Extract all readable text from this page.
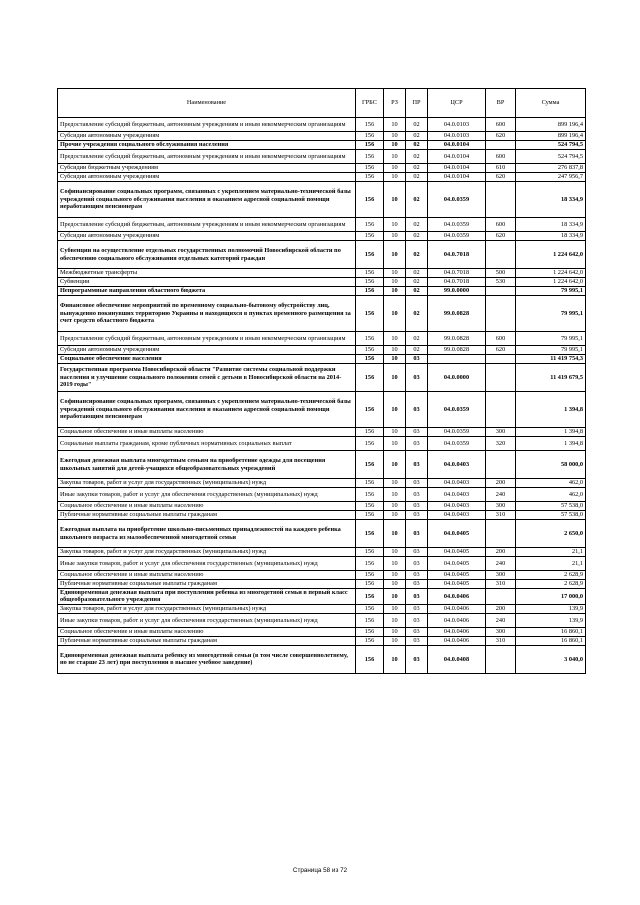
Наименование	ГРБС	РЗ	ПР	ЦСР	ВР	Сумма
Предоставление субсидий бюджетным, автономным учреждениям и иным некоммерческим организациям	156	10	02	04.0.0103	600	899 196,4
Субсидии автономным учреждениям	156	10	02	04.0.0103	620	899 196,4
Прочие учреждения социального обслуживания населения	156	10	02	04.0.0104		524 794,5
Предоставление субсидий бюджетным, автономным учреждениям и иным некоммерческим организациям	156	10	02	04.0.0104	600	524 794,5
Субсидии бюджетным учреждениям	156	10	02	04.0.0104	610	276 837,8
Субсидии автономным учреждениям	156	10	02	04.0.0104	620	247 956,7
Софинансирование социальных программ, связанных с укреплением материально-технической базы учреждений социального обслуживания населения и оказанием адресной социальной помощи неработающим пенсионерам	156	10	02	04.0.0359		18 334,9
Предоставление субсидий бюджетным, автономным учреждениям и иным некоммерческим организациям	156	10	02	04.0.0359	600	18 334,9
Субсидии автономным учреждениям	156	10	02	04.0.0359	620	18 334,9
Субвенции на осуществление отдельных государственных полномочий Новосибирской области по обеспечению социального обслуживания отдельных категорий граждан	156	10	02	04.0.7018		1 224 642,0
Межбюджетные трансферты	156	10	02	04.0.7018	500	1 224 642,0
Субвенции	156	10	02	04.0.7018	530	1 224 642,0
Непрограммные направления областного бюджета	156	10	02	99.0.0000		79 995,1
Финансовое обеспечение мероприятий по временному социально-бытовому обустройству лиц, вынужденно покинувших территорию Украины и находящихся в пунктах временного размещения за счет средств областного бюджета	156	10	02	99.0.0828		79 995,1
Предоставление субсидий бюджетным, автономным учреждениям и иным некоммерческим организациям	156	10	02	99.0.0828	600	79 995,1
Субсидии автономным учреждениям	156	10	02	99.0.0828	620	79 995,1
Социальное обеспечение населения	156	10	03			11 419 754,3
Государственная программа Новосибирской области "Развитие системы социальной поддержки населения и улучшение социального положения семей с детьми в Новосибирской области на 2014-2019 годы"	156	10	03	04.0.0000		11 419 679,5
Софинансирование социальных программ, связанных с укреплением материально-технической базы учреждений социального обслуживания населения и оказанием адресной социальной помощи неработающим пенсионерам	156	10	03	04.0.0359		1 394,8
Социальное обеспечение и иные выплаты населению	156	10	03	04.0.0359	300	1 394,8
Социальные выплаты гражданам, кроме публичных нормативных социальных выплат	156	10	03	04.0.0359	320	1 394,8
Ежегодная денежная выплата многодетным семьям на приобретение одежды для посещения школьных занятий для детей-учащихся общеобразовательных учреждений	156	10	03	04.0.0403		58 000,0
Закупка товаров, работ и услуг для государственных (муниципальных) нужд	156	10	03	04.0.0403	200	462,0
Иные закупки товаров, работ и услуг для обеспечения государственных (муниципальных) нужд	156	10	03	04.0.0403	240	462,0
Социальное обеспечение и иные выплаты населению	156	10	03	04.0.0403	300	57 538,0
Публичные нормативные социальные выплаты гражданам	156	10	03	04.0.0403	310	57 538,0
Ежегодная выплата на приобретение школьно-письменных принадлежностей на каждого ребенка школьного возраста из малообеспеченной многодетной семьи	156	10	03	04.0.0405		2 650,0
Закупка товаров, работ и услуг для государственных (муниципальных) нужд	156	10	03	04.0.0405	200	21,1
Иные закупки товаров, работ и услуг для обеспечения государственных (муниципальных) нужд	156	10	03	04.0.0405	240	21,1
Социальное обеспечение и иные выплаты населению	156	10	03	04.0.0405	300	2 628,9
Публичные нормативные социальные выплаты гражданам	156	10	03	04.0.0405	310	2 628,9
Единовременная денежная выплата при поступлении ребенка из многодетной семьи в первый класс общеобразовательного учреждения	156	10	03	04.0.0406		17 000,0
Закупка товаров, работ и услуг для государственных (муниципальных) нужд	156	10	03	04.0.0406	200	139,9
Иные закупки товаров, работ и услуг для обеспечения государственных (муниципальных) нужд	156	10	03	04.0.0406	240	139,9
Социальное обеспечение и иные выплаты населению	156	10	03	04.0.0406	300	16 860,1
Публичные нормативные социальные выплаты гражданам	156	10	03	04.0.0406	310	16 860,1
Единовременная денежная выплата ребенку из многодетной семьи (в том числе совершеннолетнему, но не старше 23 лет) при поступлении в высшее учебное заведение)	156	10	03	04.0.0408		3 040,0
Страница 58 из 72
